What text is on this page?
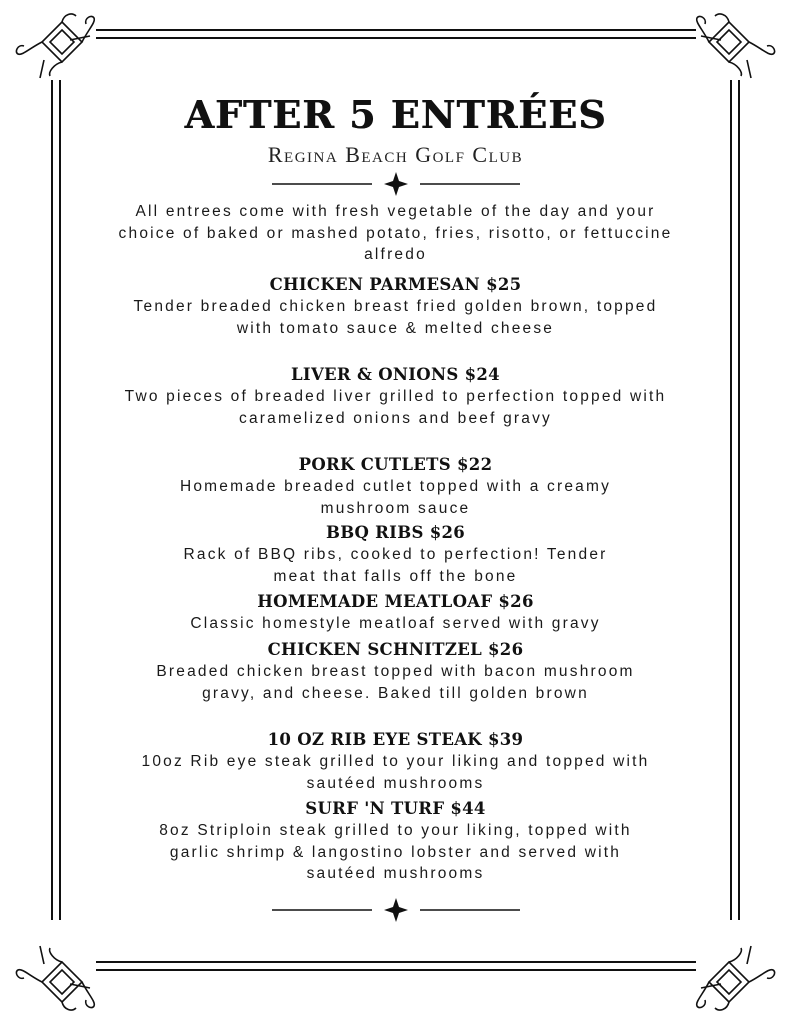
AFTER 5 ENTRÉES
Regina Beach Golf Club
All entrees come with fresh vegetable of the day and your choice of baked or mashed potato, fries, risotto, or fettuccine alfredo
CHICKEN PARMESAN $25
Tender breaded chicken breast fried golden brown, topped with tomato sauce & melted cheese
LIVER & ONIONS $24
Two pieces of breaded liver grilled to perfection topped with caramelized onions and beef gravy
PORK CUTLETS $22
Homemade breaded cutlet topped with a creamy mushroom sauce
BBQ RIBS $26
Rack of BBQ ribs, cooked to perfection! Tender meat that falls off the bone
HOMEMADE MEATLOAF $26
Classic homestyle meatloaf served with gravy
CHICKEN SCHNITZEL $26
Breaded chicken breast topped with bacon mushroom gravy, and cheese. Baked till golden brown
10 OZ RIB EYE STEAK $39
10oz Rib eye steak grilled to your liking and topped with sautéed mushrooms
SURF 'N TURF $44
8oz Striploin steak grilled to your liking, topped with garlic shrimp & langostino lobster and served with sautéed mushrooms
